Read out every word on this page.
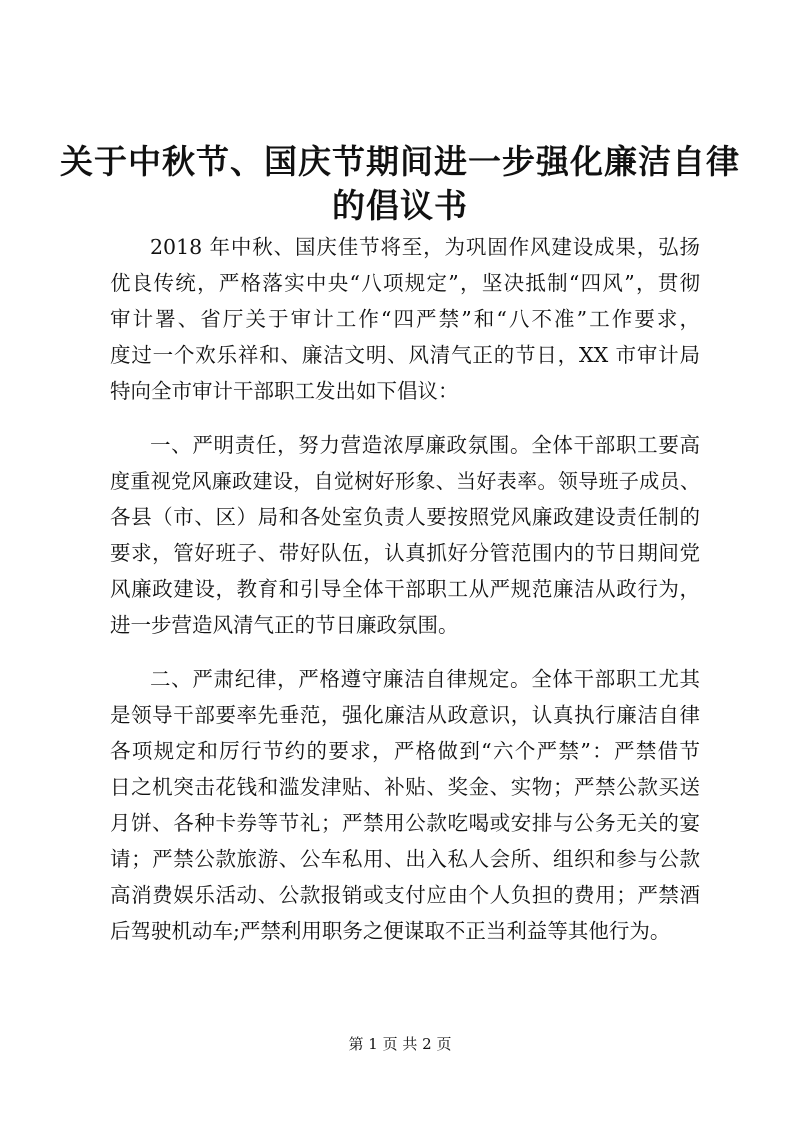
关于中秋节、国庆节期间进一步强化廉洁自律
的倡议书
2018 年中秋、国庆佳节将至，为巩固作风建设成果，弘扬
优良传统，严格落实中央“八项规定”，坚决抵制“四风”，贯彻
审计署、省厅关于审计工作“四严禁”和“八不准”工作要求，
度过一个欢乐祥和、廉洁文明、风清气正的节日，XX 市审计局
特向全市审计干部职工发出如下倡议：
一、严明责任，努力营造浓厚廉政氛围。全体干部职工要高
度重视党风廉政建设，自觉树好形象、当好表率。领导班子成员、
各县（市、区）局和各处室负责人要按照党风廉政建设责任制的
要求，管好班子、带好队伍，认真抓好分管范围内的节日期间党
风廉政建设，教育和引导全体干部职工从严规范廉洁从政行为，
进一步营造风清气正的节日廉政氛围。
二、严肃纪律，严格遵守廉洁自律规定。全体干部职工尤其
是领导干部要率先垂范，强化廉洁从政意识，认真执行廉洁自律
各项规定和厉行节约的要求，严格做到“六个严禁”：严禁借节
日之机突击花钱和滥发津贴、补贴、奖金、实物；严禁公款买送
月饼、各种卡券等节礼；严禁用公款吃喝或安排与公务无关的宴
请；严禁公款旅游、公车私用、出入私人会所、组织和参与公款
高消费娱乐活动、公款报销或支付应由个人负担的费用；严禁酒
后驾驶机动车;严禁利用职务之便谋取不正当利益等其他行为。
第 1 页 共 2 页
